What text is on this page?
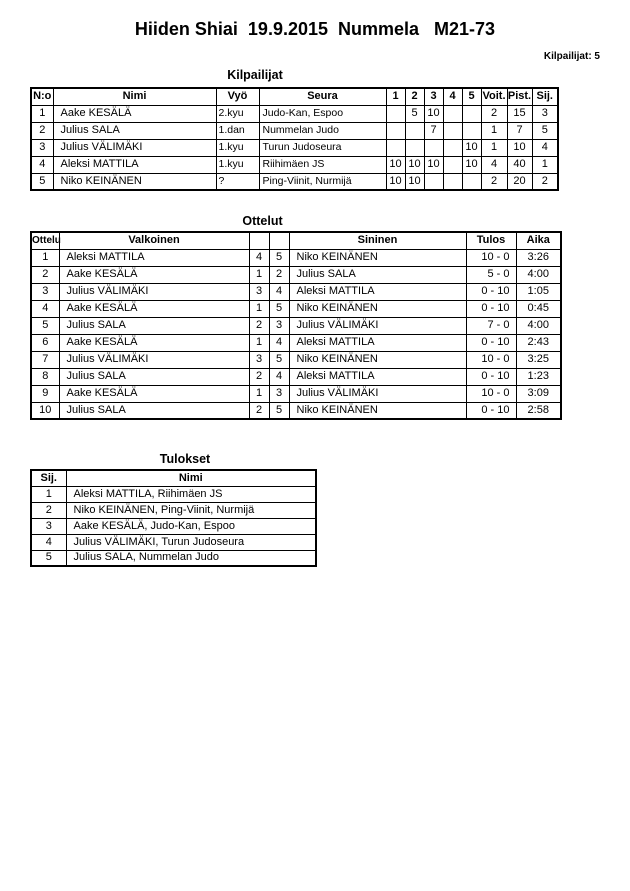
Hiiden Shiai  19.9.2015  Nummela   M21-73
Kilpailijat: 5
Kilpailijat
N:o	Nimi	Vyö	Seura	1	2	3	4	5	Voit.	Pist.	Sij.
1	Aake KESÄLÄ	2.kyu	Judo-Kan, Espoo		5	10			2	15	3
2	Julius SALA	1.dan	Nummelan Judo			7			1	7	5
3	Julius VÄLIMÄKI	1.kyu	Turun Judoseura					10	1	10	4
4	Aleksi MATTILA	1.kyu	Riihimäen JS	10	10	10		10	4	40	1
5	Niko KEINÄNEN	?	Ping-Viinit, Nurmijä	10	10				2	20	2
Ottelut
Ottelu	Valkoinen			Sininen	Tulos	Aika
1	Aleksi MATTILA	4	5	Niko KEINÄNEN	10 - 0	3:26
2	Aake KESÄLÄ	1	2	Julius SALA	5 - 0	4:00
3	Julius VÄLIMÄKI	3	4	Aleksi MATTILA	0 - 10	1:05
4	Aake KESÄLÄ	1	5	Niko KEINÄNEN	0 - 10	0:45
5	Julius SALA	2	3	Julius VÄLIMÄKI	7 - 0	4:00
6	Aake KESÄLÄ	1	4	Aleksi MATTILA	0 - 10	2:43
7	Julius VÄLIMÄKI	3	5	Niko KEINÄNEN	10 - 0	3:25
8	Julius SALA	2	4	Aleksi MATTILA	0 - 10	1:23
9	Aake KESÄLÄ	1	3	Julius VÄLIMÄKI	10 - 0	3:09
10	Julius SALA	2	5	Niko KEINÄNEN	0 - 10	2:58
Tulokset
Sij.	Nimi
1	Aleksi MATTILA, Riihimäen JS
2	Niko KEINÄNEN, Ping-Viinit, Nurmijä
3	Aake KESÄLÄ, Judo-Kan, Espoo
4	Julius VÄLIMÄKI, Turun Judoseura
5	Julius SALA, Nummelan Judo
